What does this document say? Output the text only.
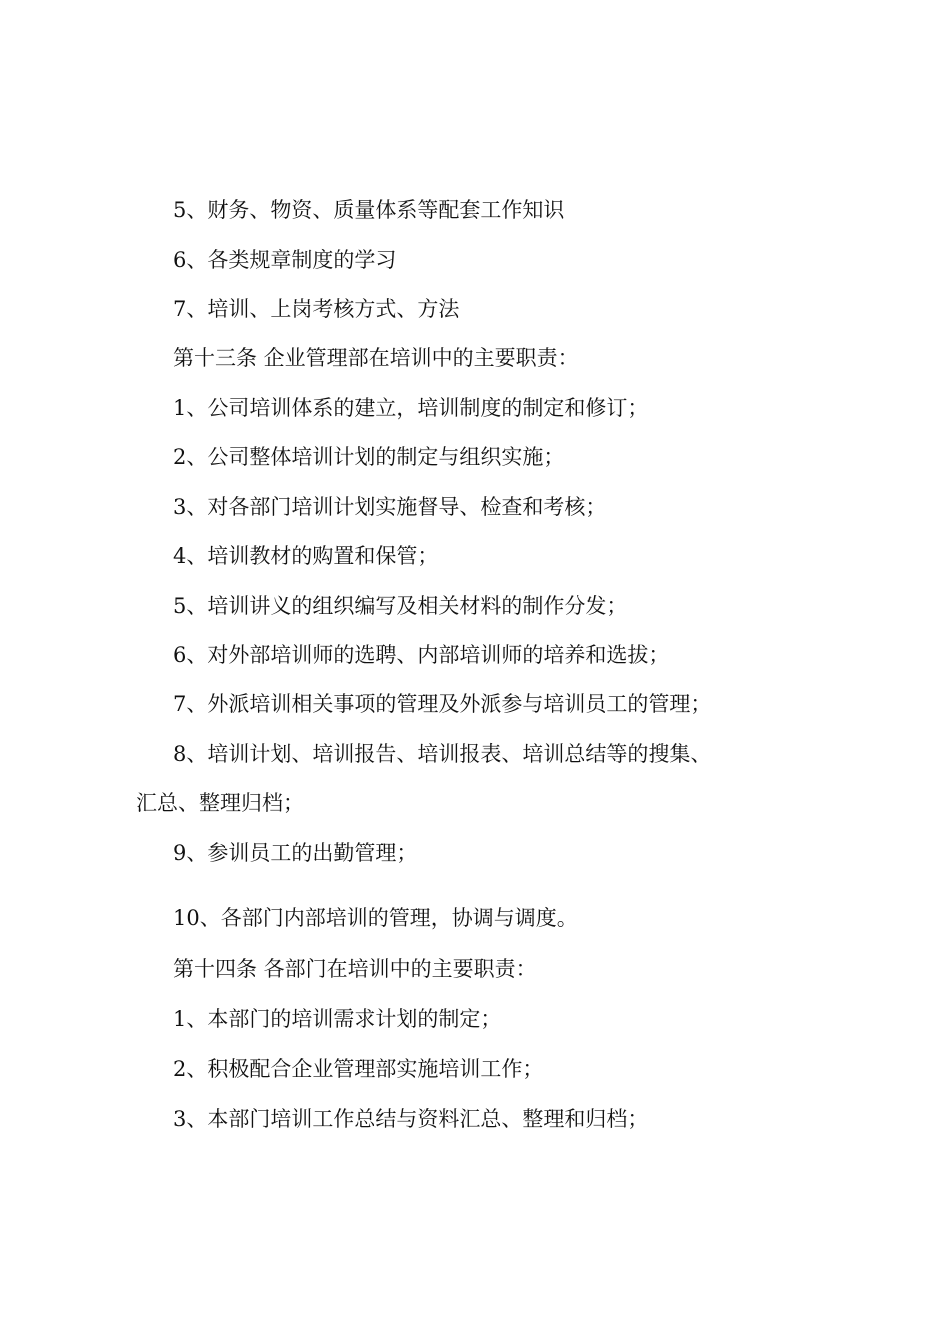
5、财务、物资、质量体系等配套工作知识

6、各类规章制度的学习

7、培训、上岗考核方式、方法

第十三条 企业管理部在培训中的主要职责：

1、公司培训体系的建立，培训制度的制定和修订；

2、公司整体培训计划的制定与组织实施；

3、对各部门培训计划实施督导、检查和考核；

4、培训教材的购置和保管；

5、培训讲义的组织编写及相关材料的制作分发；

6、对外部培训师的选聘、内部培训师的培养和选拔；

7、外派培训相关事项的管理及外派参与培训员工的管理；

8、培训计划、培训报告、培训报表、培训总结等的搜集、

汇总、整理归档；

9、参训员工的出勤管理；

10、各部门内部培训的管理，协调与调度。

第十四条 各部门在培训中的主要职责：

1、本部门的培训需求计划的制定；

2、积极配合企业管理部实施培训工作；

3、本部门培训工作总结与资料汇总、整理和归档；
